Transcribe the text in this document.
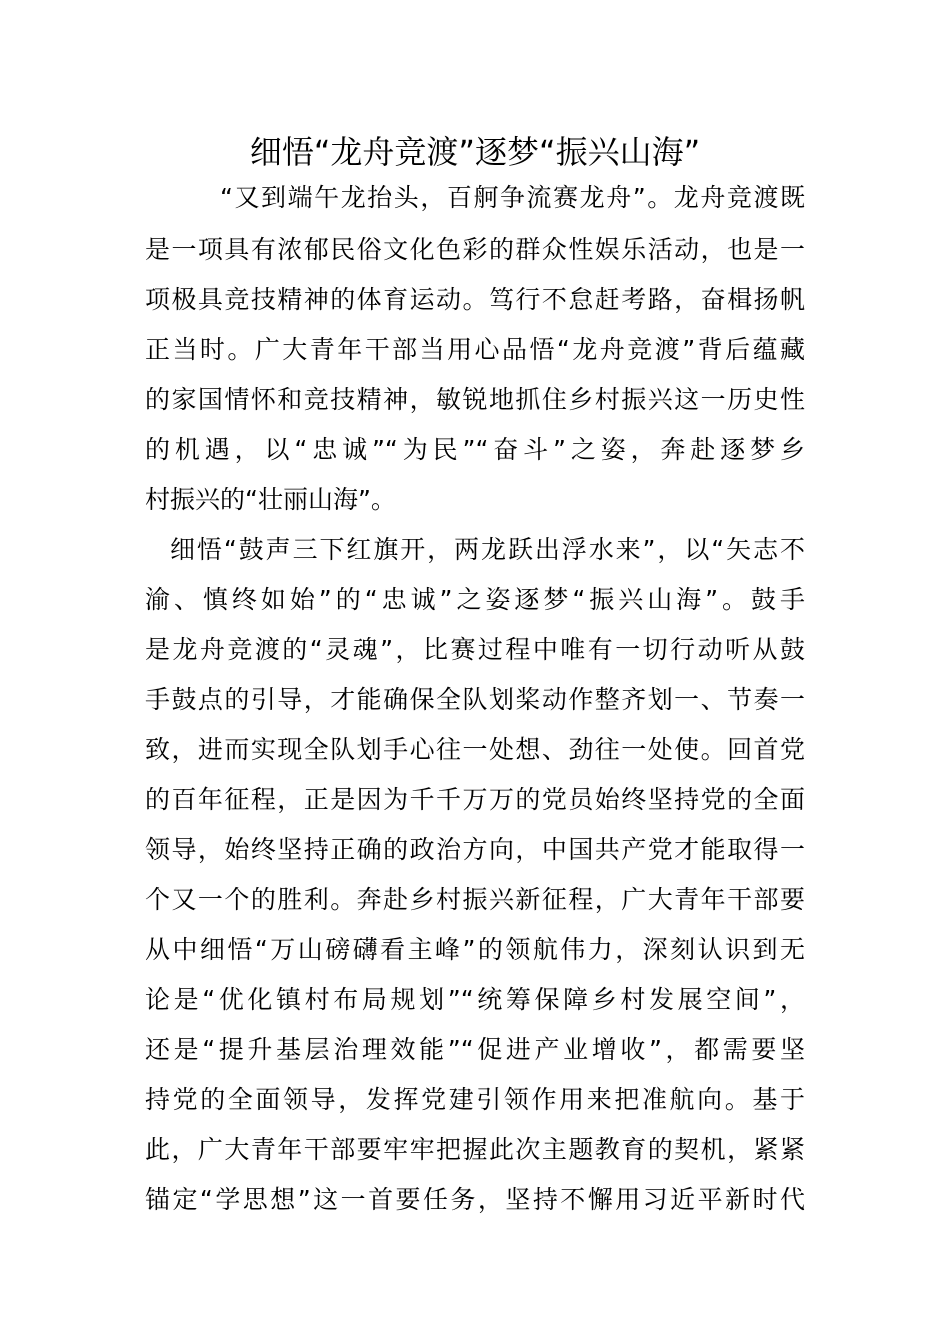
细悟“龙舟竞渡”逐梦“振兴山海”
“又到端午龙抬头，百舸争流赛龙舟”。龙舟竞渡既
是一项具有浓郁民俗文化色彩的群众性娱乐活动，也是一
项极具竞技精神的体育运动。笃行不怠赶考路，奋楫扬帆
正当时。广大青年干部当用心品悟“龙舟竞渡”背后蕴藏
的家国情怀和竞技精神，敏锐地抓住乡村振兴这一历史性
的机遇，以“忠诚”“为民”“奋斗”之姿，奔赴逐梦乡
村振兴的“壮丽山海”。
细悟“鼓声三下红旗开，两龙跃出浮水来”，以“矢志不
渝、慎终如始”的“忠诚”之姿逐梦“振兴山海”。鼓手
是龙舟竞渡的“灵魂”，比赛过程中唯有一切行动听从鼓
手鼓点的引导，才能确保全队划桨动作整齐划一、节奏一
致，进而实现全队划手心往一处想、劲往一处使。回首党
的百年征程，正是因为千千万万的党员始终坚持党的全面
领导，始终坚持正确的政治方向，中国共产党才能取得一
个又一个的胜利。奔赴乡村振兴新征程，广大青年干部要
从中细悟“万山磅礴看主峰”的领航伟力，深刻认识到无
论是“优化镇村布局规划”“统筹保障乡村发展空间”，
还是“提升基层治理效能”“促进产业增收”，都需要坚
持党的全面领导，发挥党建引领作用来把准航向。基于
此，广大青年干部要牢牢把握此次主题教育的契机，紧紧
锚定“学思想”这一首要任务，坚持不懈用习近平新时代
